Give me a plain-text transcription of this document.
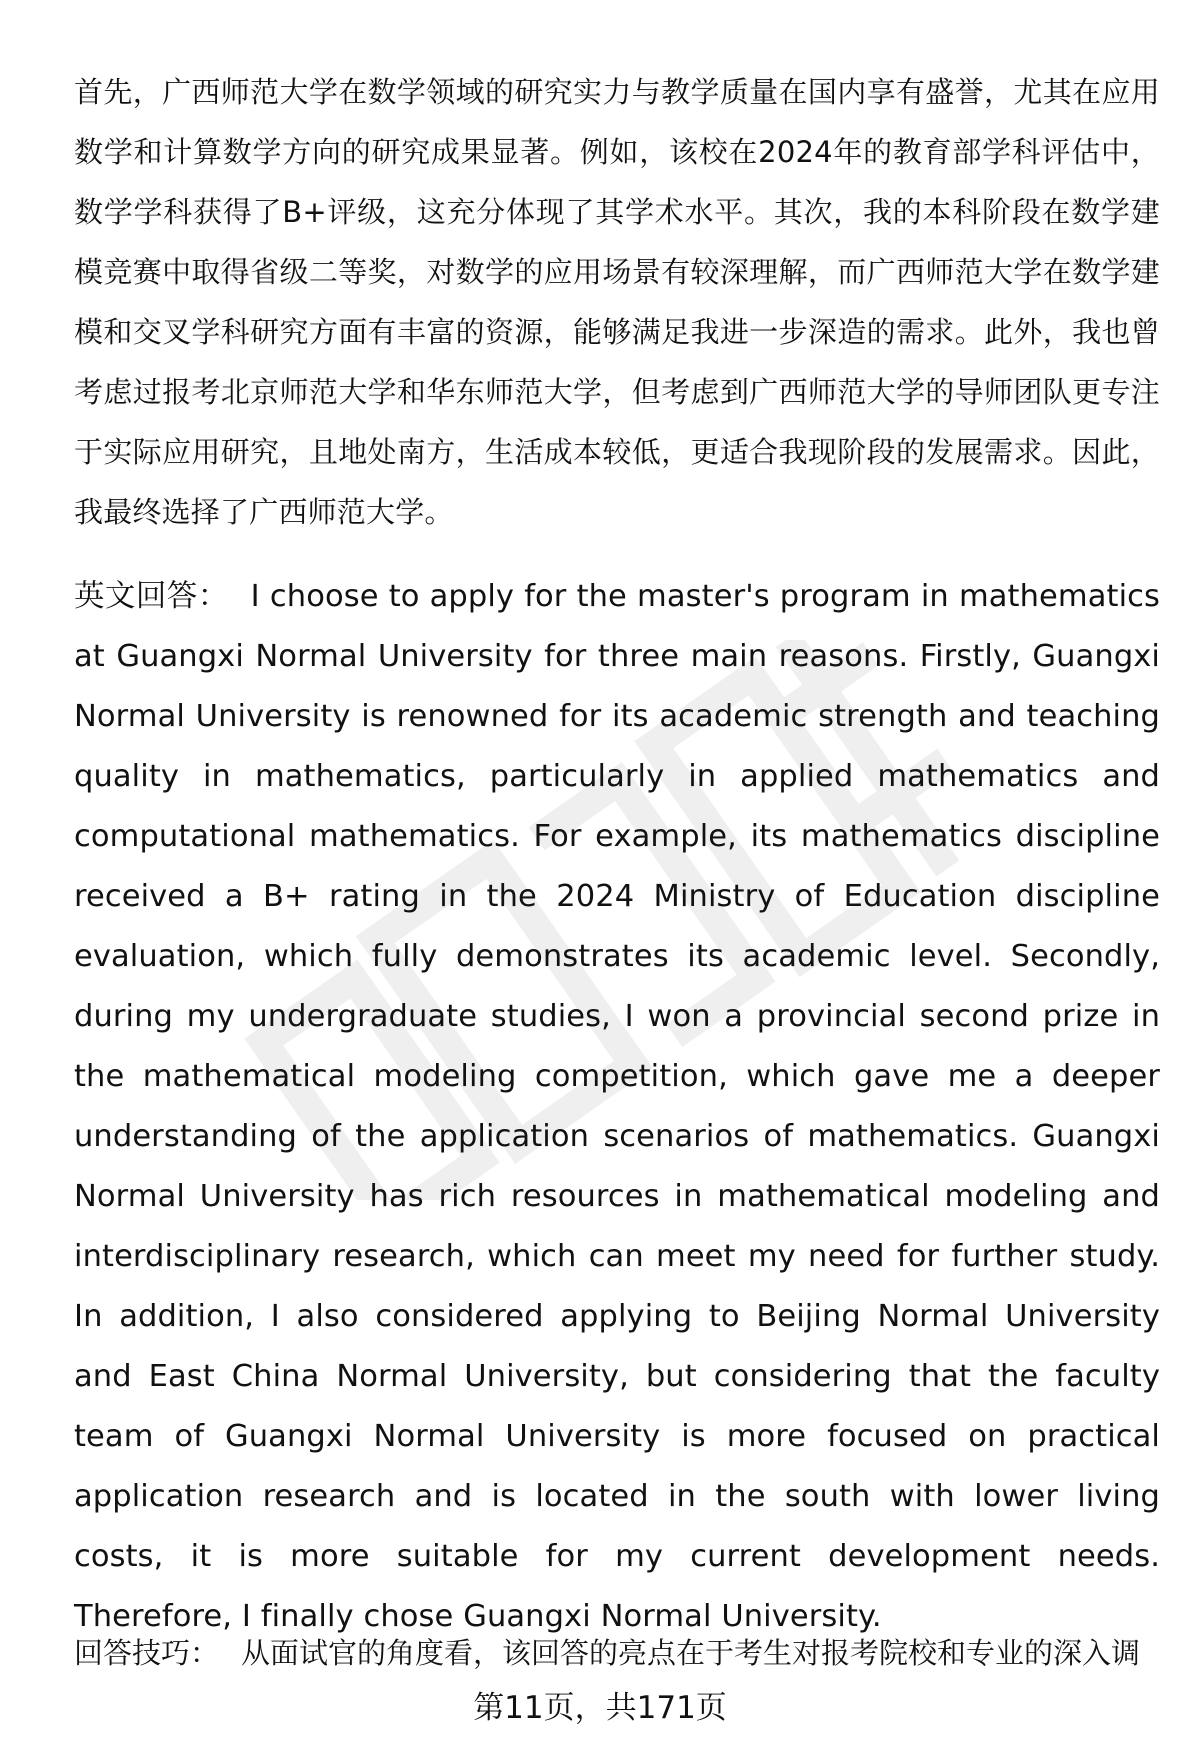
首先，广西师范大学在数学领域的研究实力与教学质量在国内享有盛誉，尤其在应用数学和计算数学方向的研究成果显著。例如，该校在2024年的教育部学科评估中，数学学科获得了B+评级，这充分体现了其学术水平。其次，我的本科阶段在数学建模竞赛中取得省级二等奖，对数学的应用场景有较深理解，而广西师范大学在数学建模和交叉学科研究方面有丰富的资源，能够满足我进一步深造的需求。此外，我也曾考虑过报考北京师范大学和华东师范大学，但考虑到广西师范大学的导师团队更专注于实际应用研究，且地处南方，生活成本较低，更适合我现阶段的发展需求。因此，我最终选择了广西师范大学。

英文回答： I choose to apply for the master's program in mathematics at Guangxi Normal University for three main reasons. Firstly, Guangxi Normal University is renowned for its academic strength and teaching quality in mathematics, particularly in applied mathematics and computational mathematics. For example, its mathematics discipline received a B+ rating in the 2024 Ministry of Education discipline evaluation, which fully demonstrates its academic level. Secondly, during my undergraduate studies, I won a provincial second prize in the mathematical modeling competition, which gave me a deeper understanding of the application scenarios of mathematics. Guangxi Normal University has rich resources in mathematical modeling and interdisciplinary research, which can meet my need for further study. In addition, I also considered applying to Beijing Normal University and East China Normal University, but considering that the faculty team of Guangxi Normal University is more focused on practical application research and is located in the south with lower living costs, it is more suitable for my current development needs. Therefore, I finally chose Guangxi Normal University.

回答技巧： 从面试官的角度看，该回答的亮点在于考生对报考院校和专业的深入调

第11页，共171页
